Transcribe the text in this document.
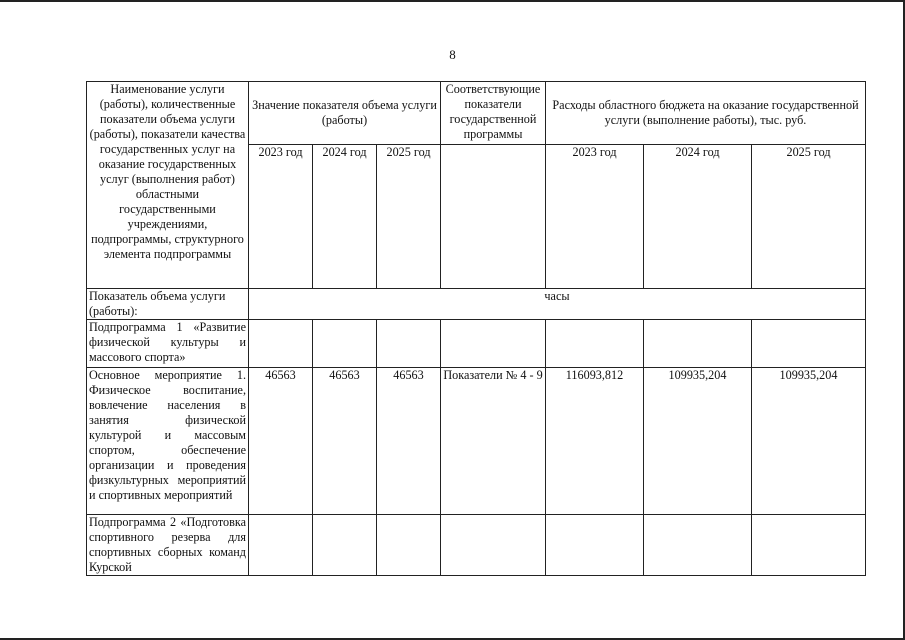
8
Наименование услуги (работы), количественные показатели объема услуги (работы), показатели качества государственных услуг на оказание государственных услуг (выполнения работ) областными государственными учреждениями, подпрограммы, структурного элемента подпрограммы	Значение показателя объема услуги (работы)			Соответствующие показатели государственной программы	Расходы областного бюджета на оказание государственной услуги (выполнение работы), тыс. руб.		
	2023 год	2024 год	2025 год		2023 год	2024 год	2025 год
Показатель объема услуги (работы):	часы						
Подпрограмма 1 «Развитие физической культуры и массового спорта»							
Основное мероприятие 1. Физическое воспитание, вовлечение населения в занятия физической культурой и массовым спортом, обеспечение организации и проведения физкультурных мероприятий и спортивных мероприятий	46563	46563	46563	Показатели № 4 - 9	116093,812	109935,204	109935,204
Подпрограмма 2 «Подготовка спортивного резерва для спортивных сборных команд Курской							
